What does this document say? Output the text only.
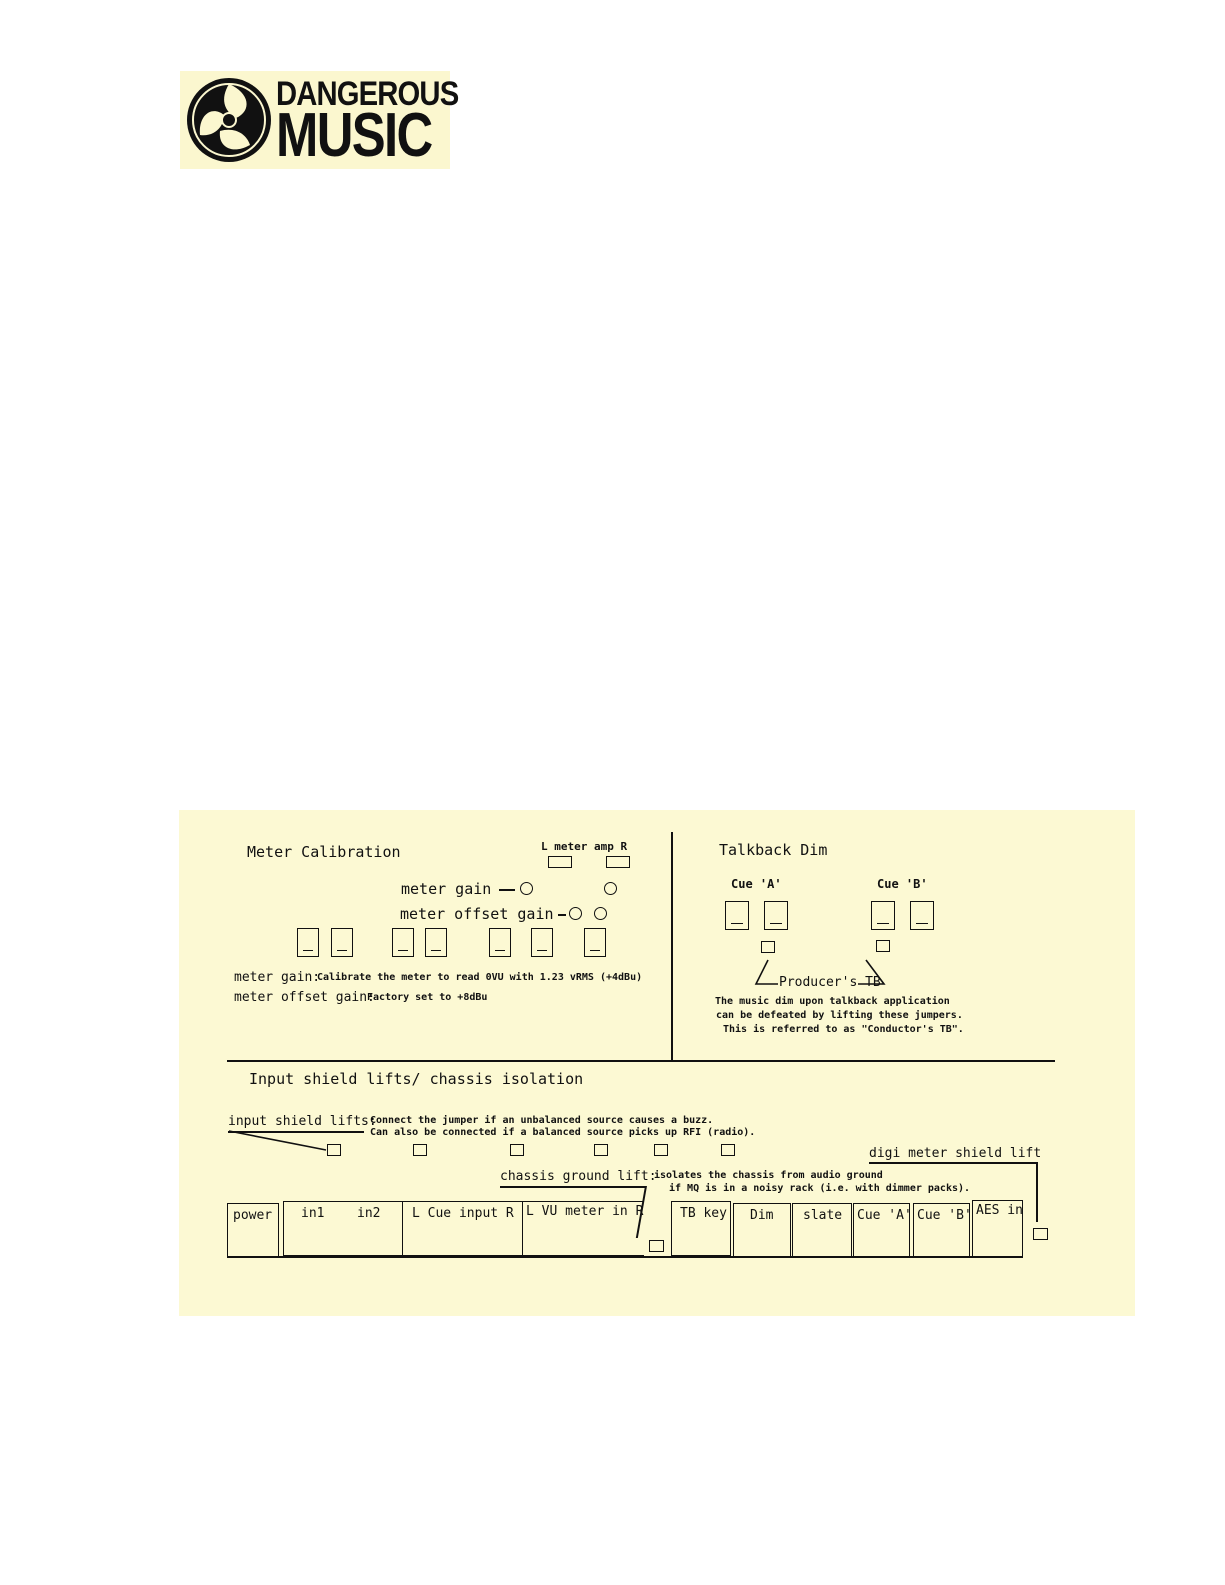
DANGEROUS
MUSIC
Meter Calibration	L meter amp R
meter gain
meter offset gain
meter gain:
Calibrate the meter to read 0VU with 1.23 vRMS (+4dBu)
meter offset gain:
Factory set to +8dBu
Talkback Dim
Cue 'A'	Cue 'B'
Producer's TB
The music dim upon talkback application
can be defeated by lifting these jumpers.
This is referred to as "Conductor's TB".
Input shield lifts/ chassis isolation
input shield lifts:
Connect the jumper if an unbalanced source causes a buzz.
Can also be connected if a balanced source picks up RFI (radio).
digi meter shield lift
chassis ground lift:
isolates the chassis from audio ground
if MQ is in a noisy rack (i.e. with dimmer packs).
power in1	in2 L Cue input R L VU meter in R	TB key Dim slate Cue 'A' Cue 'B' AES in
